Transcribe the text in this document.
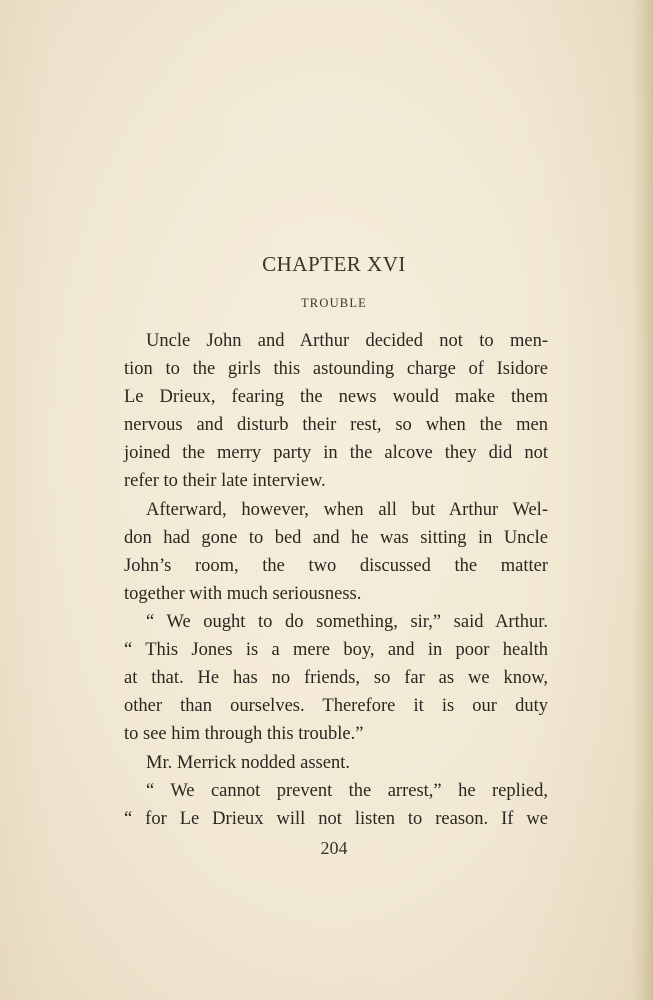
CHAPTER XVI
TROUBLE
Uncle John and Arthur decided not to men-
tion to the girls this astounding charge of Isidore
Le Drieux, fearing the news would make them
nervous and disturb their rest, so when the men
joined the merry party in the alcove they did not
refer to their late interview.
Afterward, however, when all but Arthur Wel-
don had gone to bed and he was sitting in Uncle
John’s room, the two discussed the matter
together with much seriousness.
“ We ought to do something, sir,” said Arthur.
“ This Jones is a mere boy, and in poor health
at that. He has no friends, so far as we know,
other than ourselves. Therefore it is our duty
to see him through this trouble.”
Mr. Merrick nodded assent.
“ We cannot prevent the arrest,” he replied,
“ for Le Drieux will not listen to reason. If we
204
